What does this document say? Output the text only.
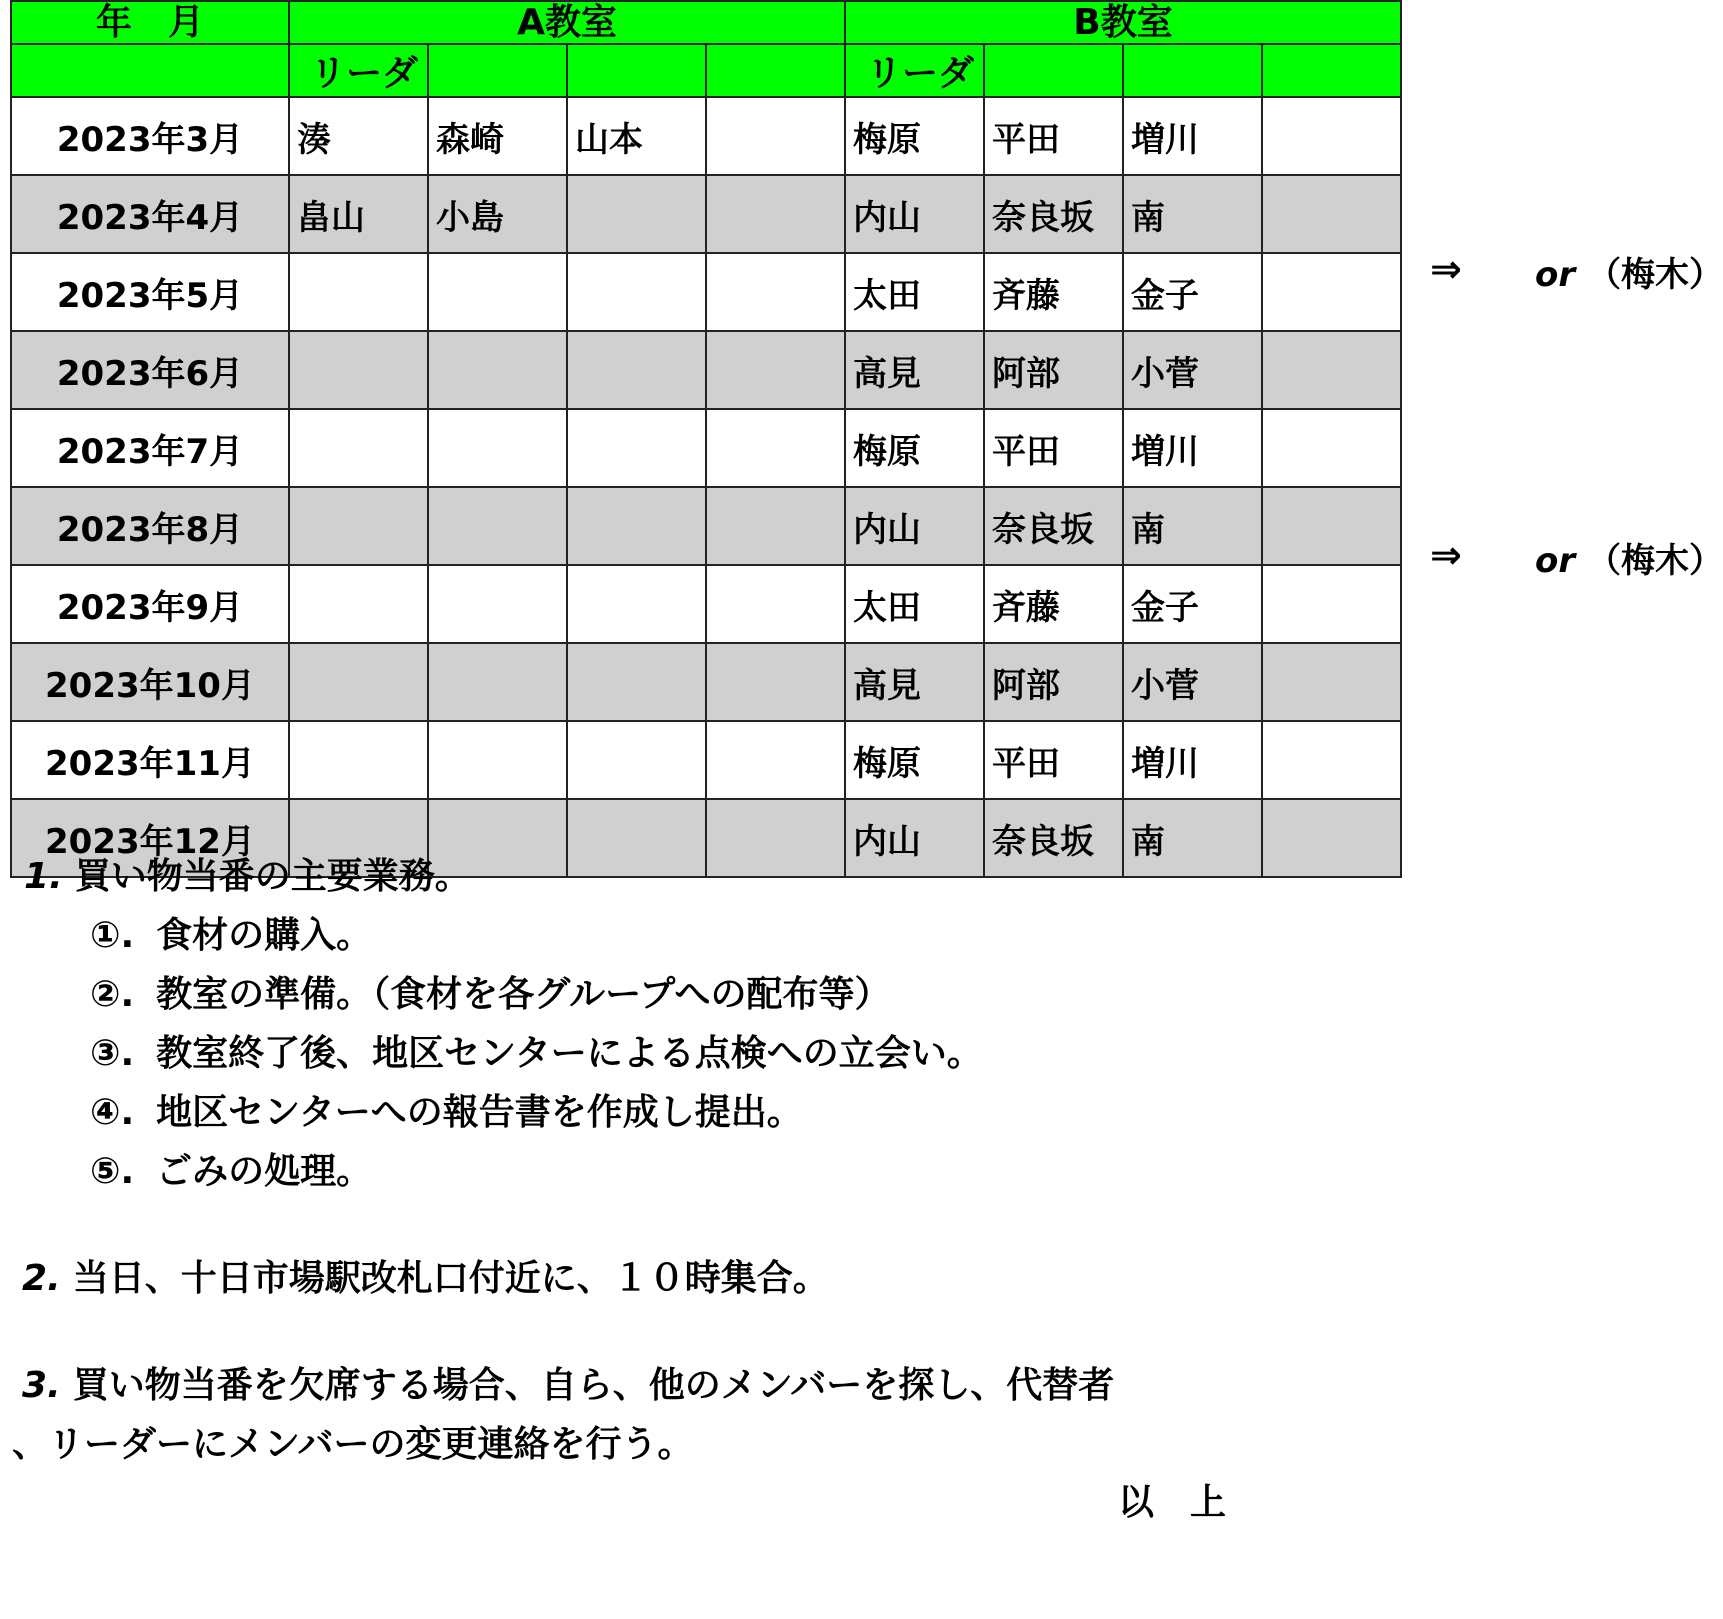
年　月	A教室				B教室			
	リーダ				リーダ			
2023年3月	湊	森崎	山本		梅原	平田	増川	
2023年4月	畠山	小島			内山	奈良坂	南	
2023年5月					太田	斉藤	金子	
2023年6月					高見	阿部	小菅	
2023年7月					梅原	平田	増川	
2023年8月					内山	奈良坂	南	
2023年9月					太田	斉藤	金子	
2023年10月					高見	阿部	小菅	
2023年11月					梅原	平田	増川	
2023年12月					内山	奈良坂	南	
⇒ or （梅木）
⇒ or （梅木）
1. 買い物当番の主要業務。
①. 食材の購入。
②. 教室の準備。（食材を各グループへの配布等）
③. 教室終了後、地区センターによる点検への立会い。
④. 地区センターへの報告書を作成し提出。
⑤. ごみの処理。
2. 当日、十日市場駅改札口付近に、１０時集合。
3. 買い物当番を欠席する場合、自ら、他のメンバーを探し、代替者
、リーダーにメンバーの変更連絡を行う。
以　上
